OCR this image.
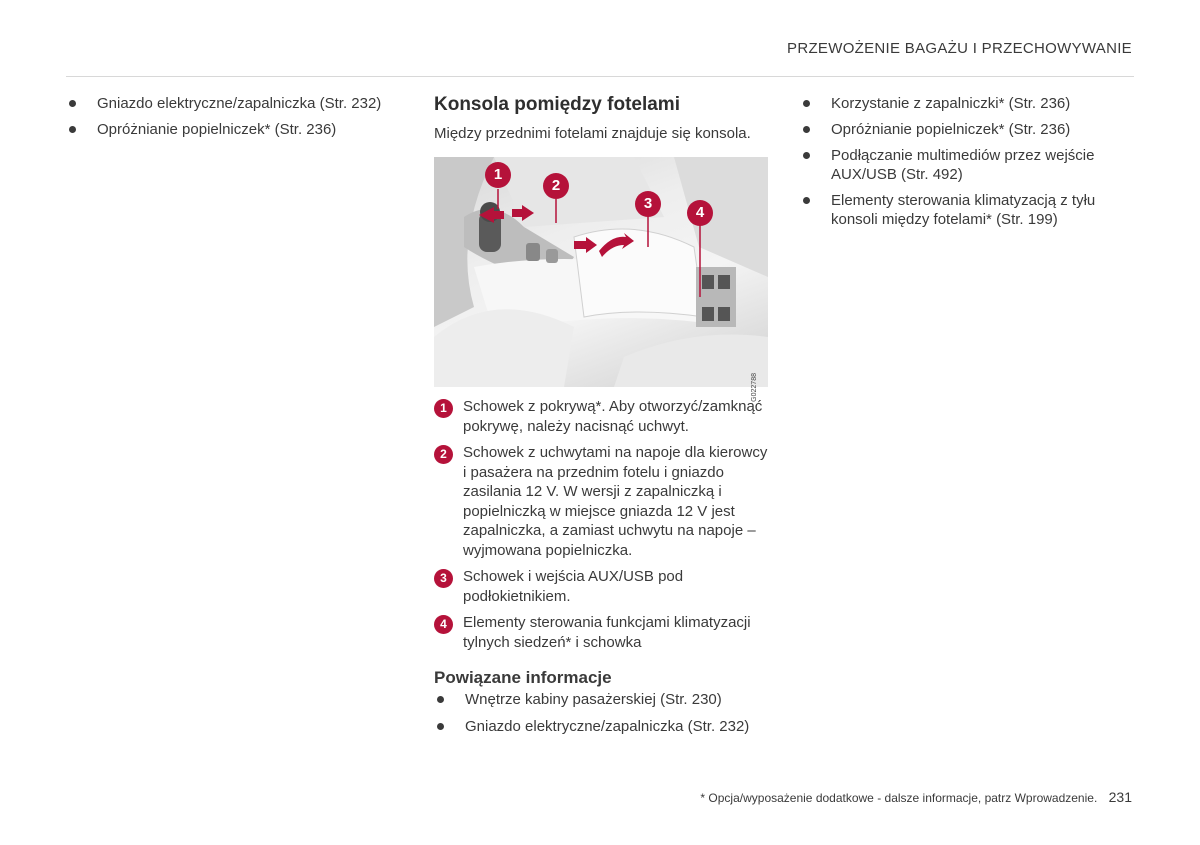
PRZEWOŻENIE BAGAŻU I PRZECHOWYWANIE
Gniazdo elektryczne/zapalniczka (Str. 232)
Opróżnianie popielniczek* (Str. 236)
Konsola pomiędzy fotelami

Między przednimi fotelami znajduje się konsola.

1
2
3
4
G022788
1	Schowek z pokrywą*. Aby otworzyć/zamknąć pokrywę, należy nacisnąć uchwyt.
2	Schowek z uchwytami na napoje dla kierowcy i pasażera na przednim fotelu i gniazdo zasilania 12 V. W wersji z zapalniczką i popielniczką w miejsce gniazda 12 V jest zapalniczka, a zamiast uchwytu na napoje – wyjmowana popielniczka.
3	Schowek i wejścia AUX/USB pod podłokietnikiem.
4	Elementy sterowania funkcjami klimatyzacji tylnych siedzeń* i schowka
Powiązane informacje
Wnętrze kabiny pasażerskiej (Str. 230)
Gniazdo elektryczne/zapalniczka (Str. 232)
Korzystanie z zapalniczki* (Str. 236)
Opróżnianie popielniczek* (Str. 236)
Podłączanie multimediów przez wejście AUX/USB (Str. 492)
Elementy sterowania klimatyzacją z tyłu konsoli między fotelami* (Str. 199)
* Opcja/wyposażenie dodatkowe - dalsze informacje, patrz Wprowadzenie. 231
